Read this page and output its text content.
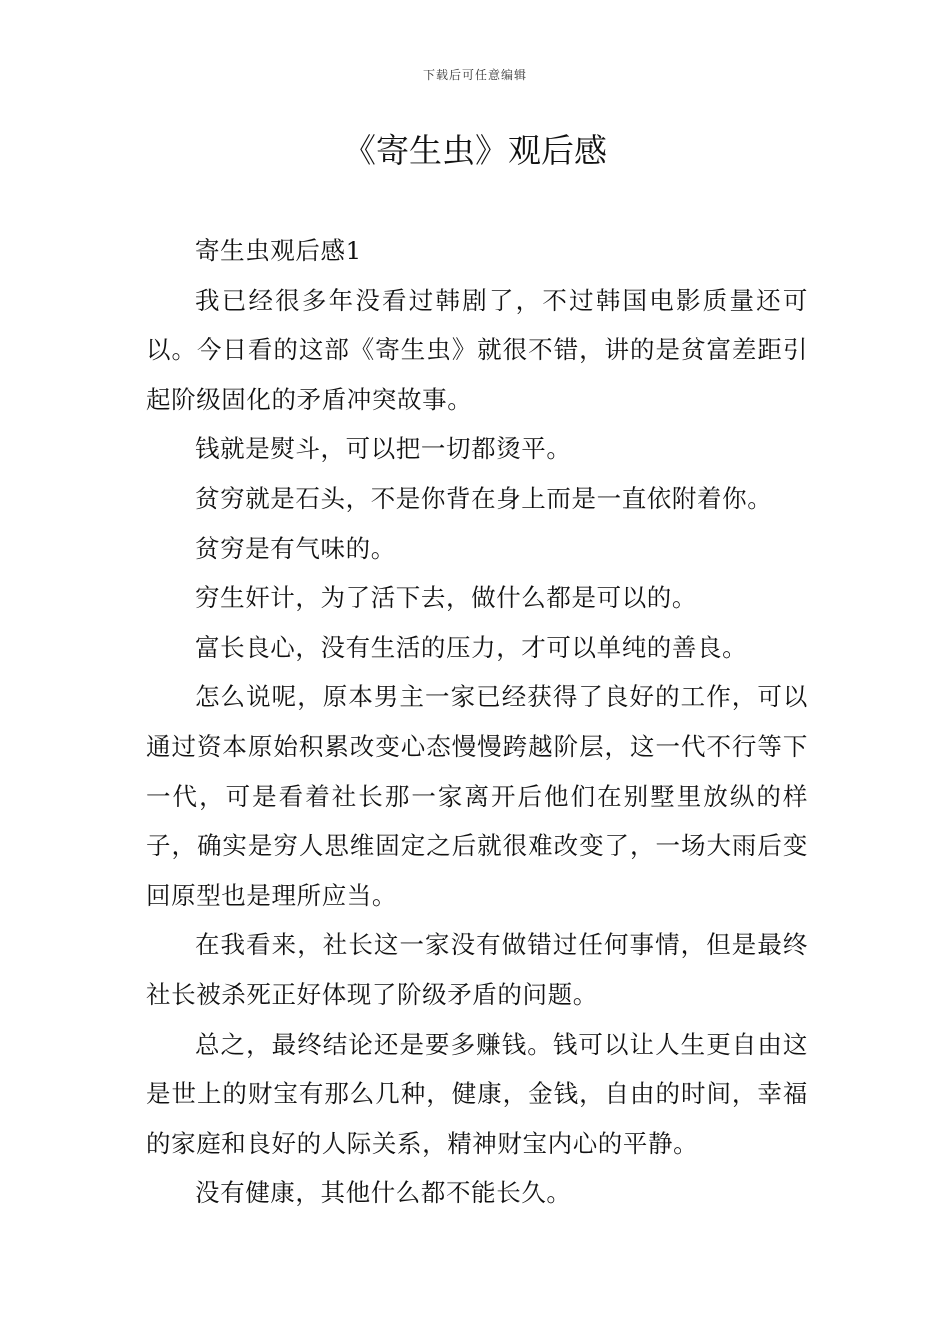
下载后可任意编辑
《寄生虫》观后感

寄生虫观后感1

我已经很多年没看过韩剧了，不过韩国电影质量还可以。今日看的这部《寄生虫》就很不错，讲的是贫富差距引起阶级固化的矛盾冲突故事。

钱就是熨斗，可以把一切都烫平。

贫穷就是石头，不是你背在身上而是一直依附着你。

贫穷是有气味的。

穷生奸计，为了活下去，做什么都是可以的。

富长良心，没有生活的压力，才可以单纯的善良。

怎么说呢，原本男主一家已经获得了良好的工作，可以通过资本原始积累改变心态慢慢跨越阶层，这一代不行等下一代，可是看着社长那一家离开后他们在别墅里放纵的样子，确实是穷人思维固定之后就很难改变了，一场大雨后变回原型也是理所应当。

在我看来，社长这一家没有做错过任何事情，但是最终社长被杀死正好体现了阶级矛盾的问题。

总之，最终结论还是要多赚钱。钱可以让人生更自由这是世上的财宝有那么几种，健康，金钱，自由的时间，幸福的家庭和良好的人际关系，精神财宝内心的平静。

没有健康，其他什么都不能长久。
